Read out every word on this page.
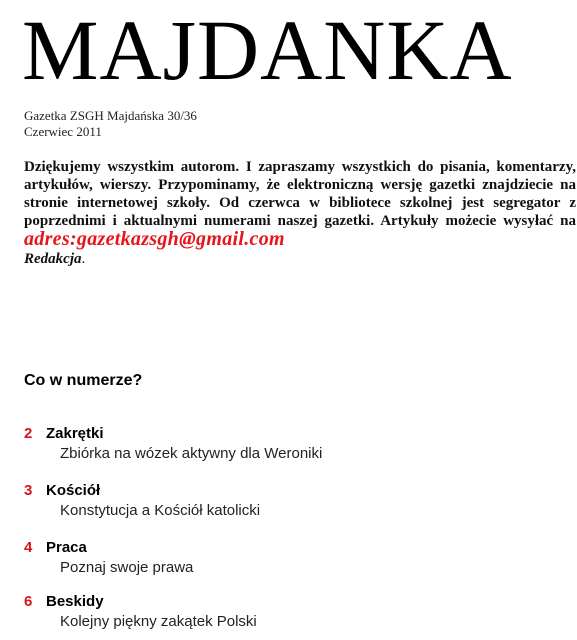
MAJDANKA
Gazetka ZSGH Majdańska 30/36
Czerwiec 2011
Dziękujemy wszystkim autorom. I zapraszamy wszystkich do pisania, komentarzy, artykułów, wierszy. Przypominamy, że elektroniczną wersję gazetki znajdziecie na stronie internetowej szkoły. Od czerwca w bibliotece szkolnej jest segregator z poprzednimi i aktualnymi numerami naszej gazetki. Artykuły możecie wysyłać na adres:gazetkazsgh@gmail.com
Redakcja.
Co w numerze?
2 Zakrętki
Zbiórka na wózek aktywny dla Weroniki
3 Kościół
Konstytucja a Kościół katolicki
4 Praca
Poznaj swoje prawa
6 Beskidy
Kolejny piękny zakątek Polski
